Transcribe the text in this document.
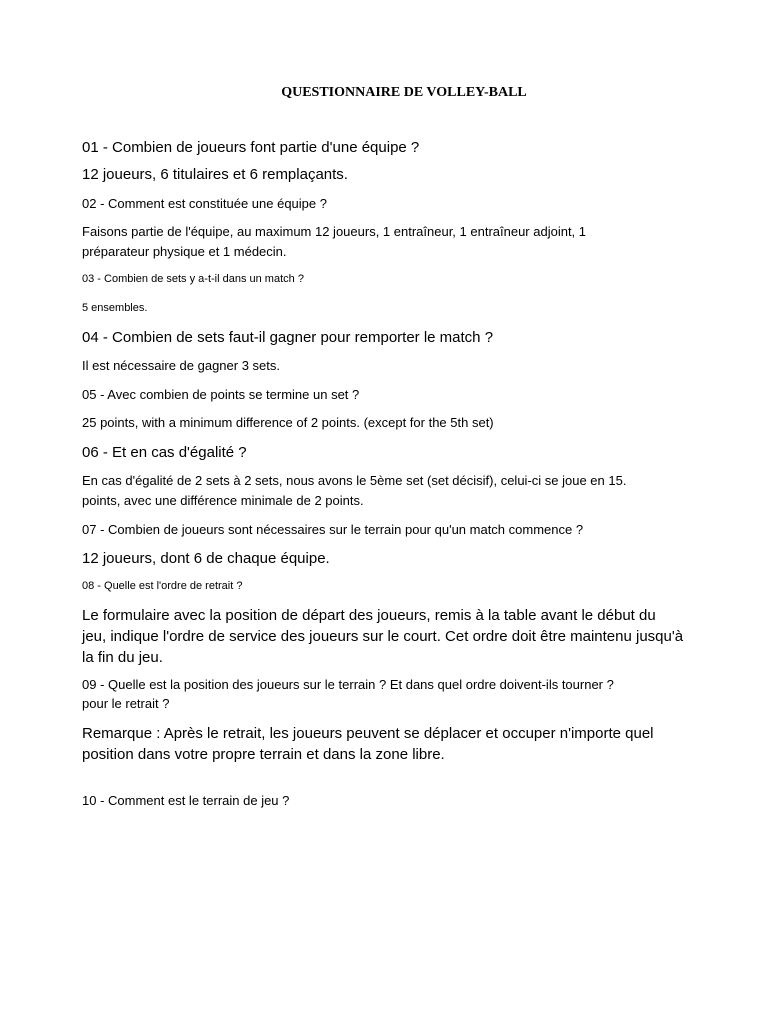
QUESTIONNAIRE DE VOLLEY-BALL
01 - Combien de joueurs font partie d'une équipe ?
12 joueurs, 6 titulaires et 6 remplaçants.
02 - Comment est constituée une équipe ?
Faisons partie de l'équipe, au maximum 12 joueurs, 1 entraîneur, 1 entraîneur adjoint, 1
préparateur physique et 1 médecin.
03 - Combien de sets y a-t-il dans un match ?
5 ensembles.
04 - Combien de sets faut-il gagner pour remporter le match ?
Il est nécessaire de gagner 3 sets.
05 - Avec combien de points se termine un set ?
25 points, with a minimum difference of 2 points. (except for the 5th set)
06 - Et en cas d'égalité ?
En cas d'égalité de 2 sets à 2 sets, nous avons le 5ème set (set décisif), celui-ci se joue en 15.
points, avec une différence minimale de 2 points.
07 - Combien de joueurs sont nécessaires sur le terrain pour qu'un match commence ?
12 joueurs, dont 6 de chaque équipe.
08 - Quelle est l'ordre de retrait ?
Le formulaire avec la position de départ des joueurs, remis à la table avant le début du
jeu, indique l'ordre de service des joueurs sur le court. Cet ordre doit être maintenu jusqu'à
la fin du jeu.
09 - Quelle est la position des joueurs sur le terrain ? Et dans quel ordre doivent-ils tourner ?
pour le retrait ?
Remarque : Après le retrait, les joueurs peuvent se déplacer et occuper n'importe quel
position dans votre propre terrain et dans la zone libre.
10 - Comment est le terrain de jeu ?
